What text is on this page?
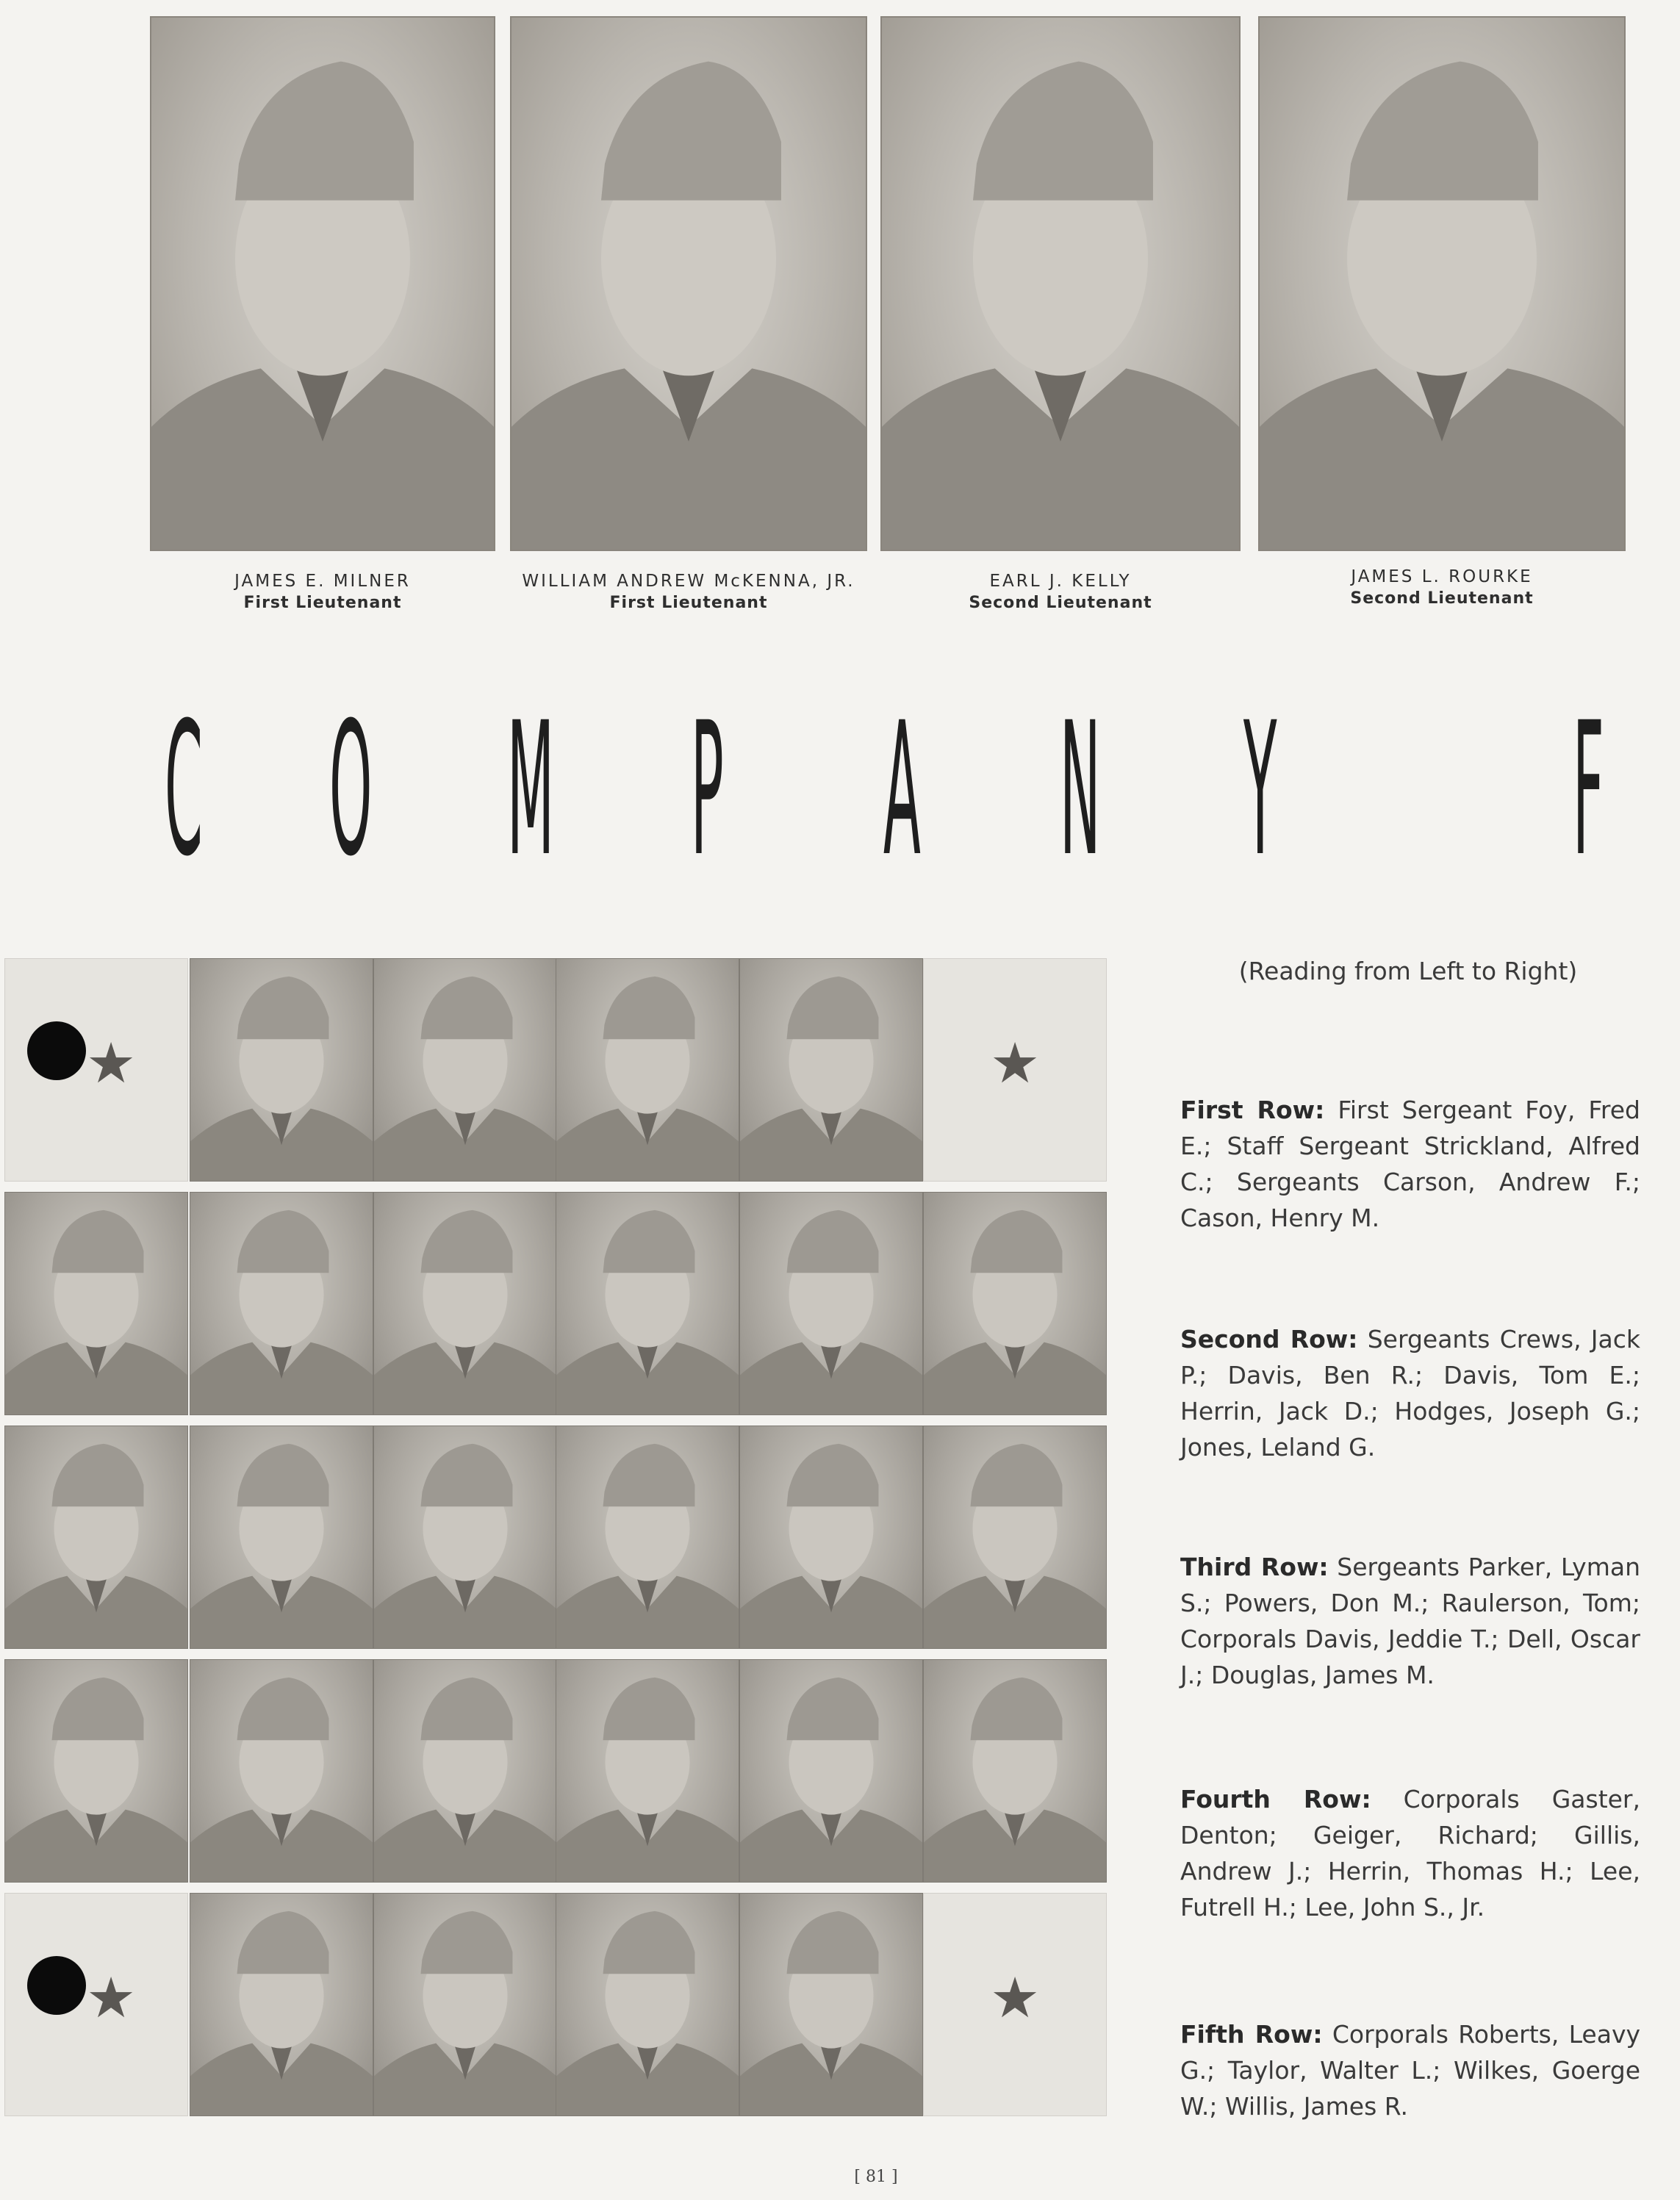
JAMES E. MILNER
First Lieutenant
WILLIAM ANDREW McKENNA, JR.
First Lieutenant
EARL J. KELLY
Second Lieutenant
JAMES L. ROURKE
Second Lieutenant
C O M P A N Y F
★	★
★	★
(Reading from Left to Right)
First Row: First Sergeant Foy, Fred E.; Staff Sergeant Strickland, Alfred C.; Sergeants Carson, Andrew F.; Cason, Henry M.
Second Row: Sergeants Crews, Jack P.; Davis, Ben R.; Davis, Tom E.; Herrin, Jack D.; Hodges, Joseph G.; Jones, Leland G.
Third Row: Sergeants Parker, Lyman S.; Powers, Don M.; Raulerson, Tom; Corporals Davis, Jeddie T.; Dell, Oscar J.; Douglas, James M.
Fourth Row: Corporals Gaster, Denton; Geiger, Richard; Gillis, Andrew J.; Herrin, Thomas H.; Lee, Futrell H.; Lee, John S., Jr.
Fifth Row: Corporals Roberts, Leavy G.; Taylor, Walter L.; Wilkes, Goerge W.; Willis, James R.
[ 81 ]
